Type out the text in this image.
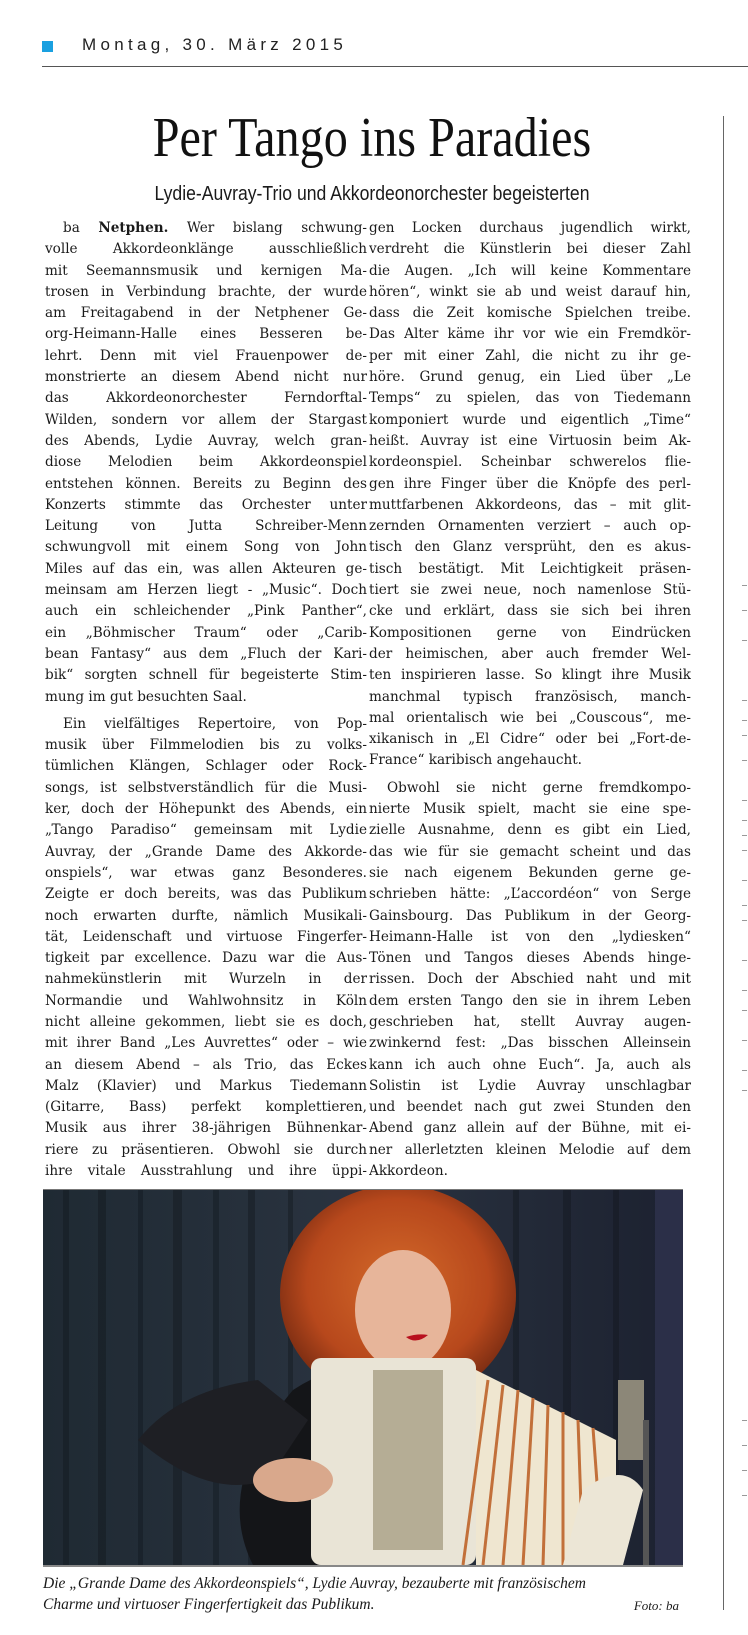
Montag, 30. März 2015
Per Tango ins Paradies
Lydie-Auvray-Trio und Akkordeonorchester begeisterten
ba Netphen. Wer bislang schwung-
volle Akkordeonklänge ausschließlich
mit Seemannsmusik und kernigen Ma-
trosen in Verbindung brachte, der wurde
am Freitagabend in der Netphener Ge-
org-Heimann-Halle eines Besseren be-
lehrt. Denn mit viel Frauenpower de-
monstrierte an diesem Abend nicht nur
das Akkordeonorchester Ferndorftal-
Wilden, sondern vor allem der Stargast
des Abends, Lydie Auvray, welch gran-
diose Melodien beim Akkordeonspiel
entstehen können. Bereits zu Beginn des
Konzerts stimmte das Orchester unter
Leitung von Jutta Schreiber-Menn
schwungvoll mit einem Song von John
Miles auf das ein, was allen Akteuren ge-
meinsam am Herzen liegt - „Music“. Doch
auch ein schleichender „Pink Panther“,
ein „Böhmischer Traum“ oder „Carib-
bean Fantasy“ aus dem „Fluch der Kari-
bik“ sorgten schnell für begeisterte Stim-
mung im gut besuchten Saal.
Ein vielfältiges Repertoire, von Pop-
musik über Filmmelodien bis zu volks-
tümlichen Klängen, Schlager oder Rock-
songs, ist selbstverständlich für die Musi-
ker, doch der Höhepunkt des Abends, ein
„Tango Paradiso“ gemeinsam mit Lydie
Auvray, der „Grande Dame des Akkorde-
onspiels“, war etwas ganz Besonderes.
Zeigte er doch bereits, was das Publikum
noch erwarten durfte, nämlich Musikali-
tät, Leidenschaft und virtuose Fingerfer-
tigkeit par excellence. Dazu war die Aus-
nahmekünstlerin mit Wurzeln in der
Normandie und Wahlwohnsitz in Köln
nicht alleine gekommen, liebt sie es doch,
mit ihrer Band „Les Auvrettes“ oder – wie
an diesem Abend – als Trio, das Eckes
Malz (Klavier) und Markus Tiedemann
(Gitarre, Bass) perfekt komplettieren,
Musik aus ihrer 38-jährigen Bühnenkar-
riere zu präsentieren. Obwohl sie durch
ihre vitale Ausstrahlung und ihre üppi-
gen Locken durchaus jugendlich wirkt,
verdreht die Künstlerin bei dieser Zahl
die Augen. „Ich will keine Kommentare
hören“, winkt sie ab und weist darauf hin,
dass die Zeit komische Spielchen treibe.
Das Alter käme ihr vor wie ein Fremdkör-
per mit einer Zahl, die nicht zu ihr ge-
höre. Grund genug, ein Lied über „Le
Temps“ zu spielen, das von Tiedemann
komponiert wurde und eigentlich „Time“
heißt. Auvray ist eine Virtuosin beim Ak-
kordeonspiel. Scheinbar schwerelos flie-
gen ihre Finger über die Knöpfe des perl-
muttfarbenen Akkordeons, das – mit glit-
zernden Ornamenten verziert – auch op-
tisch den Glanz versprüht, den es akus-
tisch bestätigt. Mit Leichtigkeit präsen-
tiert sie zwei neue, noch namenlose Stü-
cke und erklärt, dass sie sich bei ihren
Kompositionen gerne von Eindrücken
der heimischen, aber auch fremder Wel-
ten inspirieren lasse. So klingt ihre Musik
manchmal typisch französisch, manch-
mal orientalisch wie bei „Couscous“, me-
xikanisch in „El Cidre“ oder bei „Fort-de-
France“ karibisch angehaucht.
Obwohl sie nicht gerne fremdkompo-
nierte Musik spielt, macht sie eine spe-
zielle Ausnahme, denn es gibt ein Lied,
das wie für sie gemacht scheint und das
sie nach eigenem Bekunden gerne ge-
schrieben hätte: „L’accordéon“ von Serge
Gainsbourg. Das Publikum in der Georg-
Heimann-Halle ist von den „lydiesken“
Tönen und Tangos dieses Abends hinge-
rissen. Doch der Abschied naht und mit
dem ersten Tango den sie in ihrem Leben
geschrieben hat, stellt Auvray augen-
zwinkernd fest: „Das bisschen Alleinsein
kann ich auch ohne Euch“. Ja, auch als
Solistin ist Lydie Auvray unschlagbar
und beendet nach gut zwei Stunden den
Abend ganz allein auf der Bühne, mit ei-
ner allerletzten kleinen Melodie auf dem
Akkordeon.
Die „Grande Dame des Akkordeonspiels“, Lydie Auvray, bezauberte mit französischem
Charme und virtuoser Fingerfertigkeit das Publikum.	Foto: ba
